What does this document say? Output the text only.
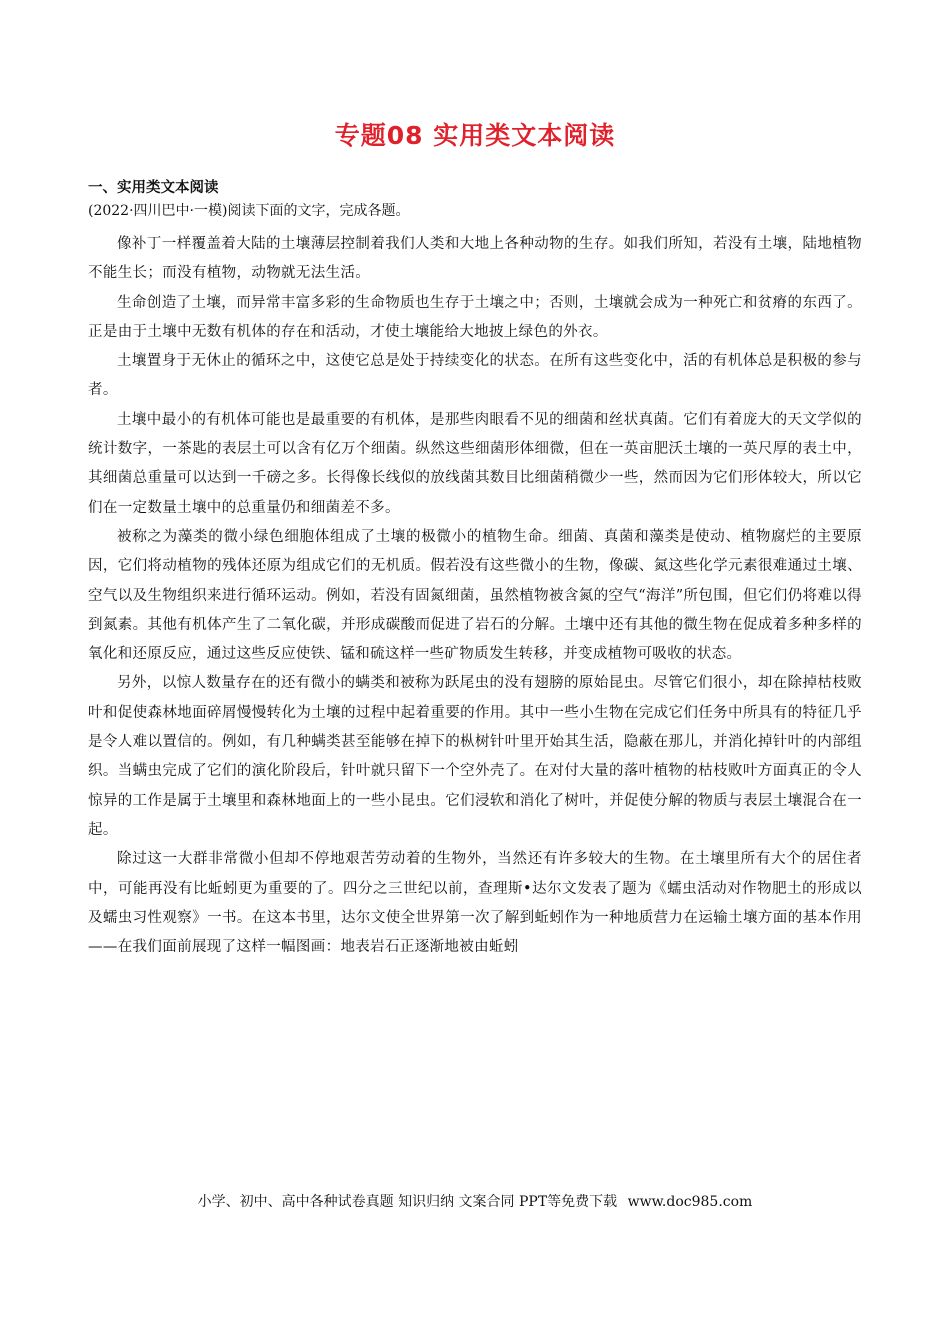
专题08 实用类文本阅读
一、实用类文本阅读
(2022·四川巴中·一模)阅读下面的文字，完成各题。

像补丁一样覆盖着大陆的土壤薄层控制着我们人类和大地上各种动物的生存。如我们所知，若没有土壤，陆地植物不能生长；而没有植物，动物就无法生活。

生命创造了土壤，而异常丰富多彩的生命物质也生存于土壤之中；否则，土壤就会成为一种死亡和贫瘠的东西了。正是由于土壤中无数有机体的存在和活动，才使土壤能给大地披上绿色的外衣。

土壤置身于无休止的循环之中，这使它总是处于持续变化的状态。在所有这些变化中，活的有机体总是积极的参与者。

土壤中最小的有机体可能也是最重要的有机体，是那些肉眼看不见的细菌和丝状真菌。它们有着庞大的天文学似的统计数字，一茶匙的表层土可以含有亿万个细菌。纵然这些细菌形体细微，但在一英亩肥沃土壤的一英尺厚的表土中，其细菌总重量可以达到一千磅之多。长得像长线似的放线菌其数目比细菌稍微少一些，然而因为它们形体较大，所以它们在一定数量土壤中的总重量仍和细菌差不多。

被称之为藻类的微小绿色细胞体组成了土壤的极微小的植物生命。细菌、真菌和藻类是使动、植物腐烂的主要原因，它们将动植物的残体还原为组成它们的无机质。假若没有这些微小的生物，像碳、氮这些化学元素很难通过土壤、空气以及生物组织来进行循环运动。例如，若没有固氮细菌，虽然植物被含氮的空气“海洋”所包围，但它们仍将难以得到氮素。其他有机体产生了二氧化碳，并形成碳酸而促进了岩石的分解。土壤中还有其他的微生物在促成着多种多样的氧化和还原反应，通过这些反应使铁、锰和硫这样一些矿物质发生转移，并变成植物可吸收的状态。

另外，以惊人数量存在的还有微小的螨类和被称为跃尾虫的没有翅膀的原始昆虫。尽管它们很小，却在除掉枯枝败叶和促使森林地面碎屑慢慢转化为土壤的过程中起着重要的作用。其中一些小生物在完成它们任务中所具有的特征几乎是令人难以置信的。例如，有几种螨类甚至能够在掉下的枞树针叶里开始其生活，隐蔽在那儿，并消化掉针叶的内部组织。当螨虫完成了它们的演化阶段后，针叶就只留下一个空外壳了。在对付大量的落叶植物的枯枝败叶方面真正的令人惊异的工作是属于土壤里和森林地面上的一些小昆虫。它们浸软和消化了树叶，并促使分解的物质与表层土壤混合在一起。

除过这一大群非常微小但却不停地艰苦劳动着的生物外，当然还有许多较大的生物。在土壤里所有大个的居住者中，可能再没有比蚯蚓更为重要的了。四分之三世纪以前，查理斯•达尔文发表了题为《蠕虫活动对作物肥土的形成以及蠕虫习性观察》一书。在这本书里，达尔文使全世界第一次了解到蚯蚓作为一种地质营力在运输土壤方面的基本作用——在我们面前展现了这样一幅图画：地表岩石正逐渐地被由蚯蚓

小学、初中、高中各种试卷真题 知识归纳 文案合同 PPT等免费下载 www.doc985.com
